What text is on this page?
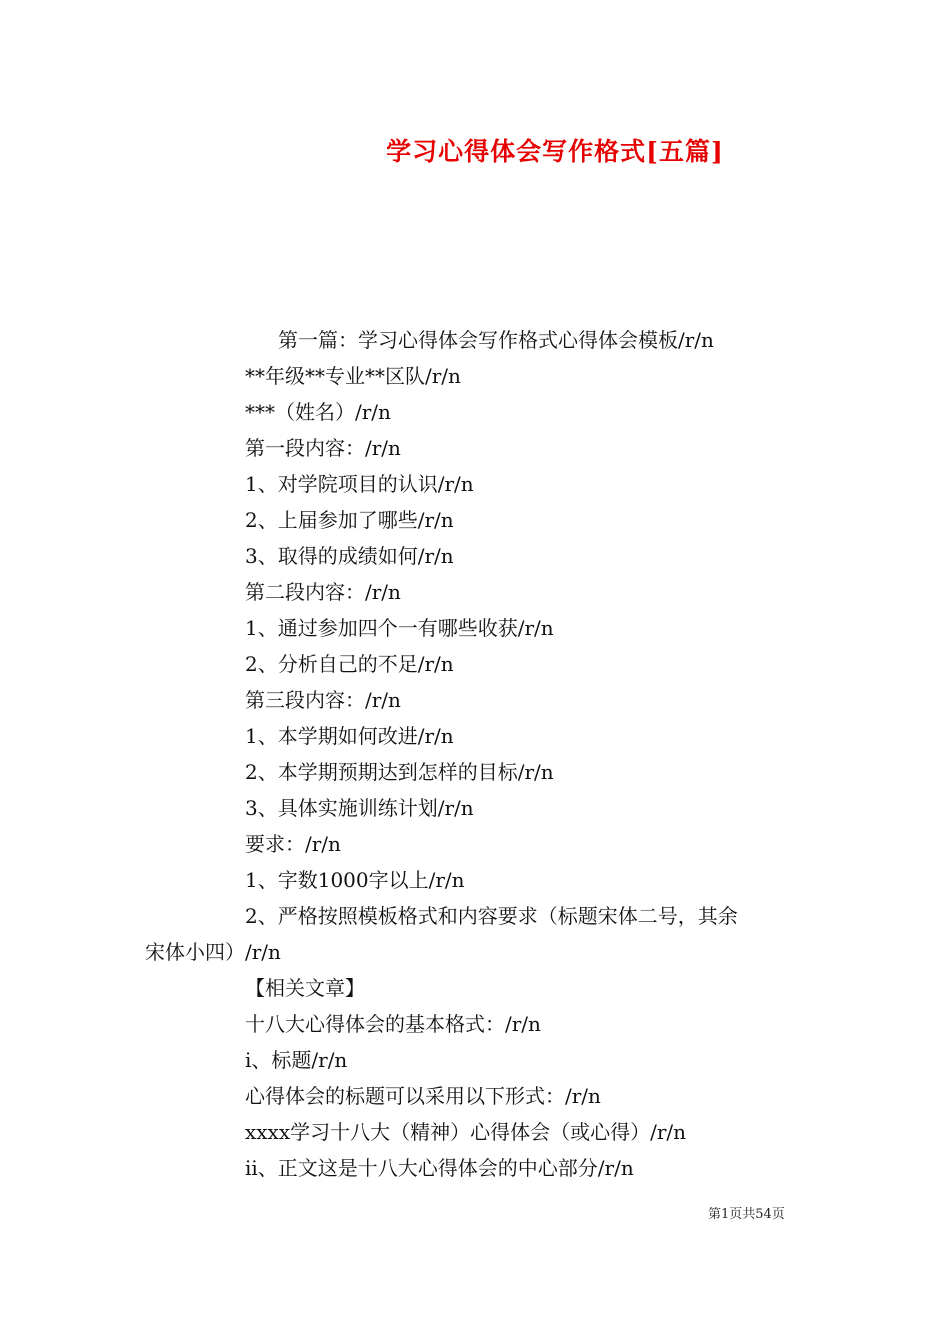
学习心得体会写作格式[五篇]
第一篇：学习心得体会写作格式心得体会模板/r/n
**年级**专业**区队/r/n
***（姓名）/r/n
第一段内容：/r/n
1、对学院项目的认识/r/n
2、上届参加了哪些/r/n
3、取得的成绩如何/r/n
第二段内容：/r/n
1、通过参加四个一有哪些收获/r/n
2、分析自己的不足/r/n
第三段内容：/r/n
1、本学期如何改进/r/n
2、本学期预期达到怎样的目标/r/n
3、具体实施训练计划/r/n
要求：/r/n
1、字数1000字以上/r/n
2、严格按照模板格式和内容要求（标题宋体二号，其余
宋体小四）/r/n
【相关文章】
十八大心得体会的基本格式：/r/n
i、标题/r/n
心得体会的标题可以采用以下形式：/r/n
xxxx学习十八大（精神）心得体会（或心得）/r/n
ii、正文这是十八大心得体会的中心部分/r/n
第1页共54页
